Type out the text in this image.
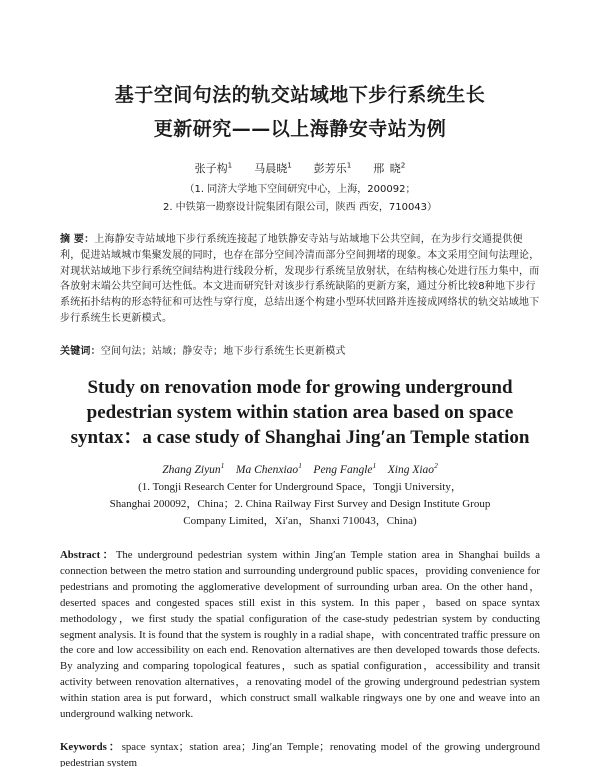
基于空间句法的轨交站域地下步行系统生长
更新研究——以上海静安寺站为例
张子构$^1$ 马晨晓$^1$ 彭芳乐$^1$ 邢 晓$^2$
（1. 同济大学地下空间研究中心，上海，200092；
2. 中铁第一勘察设计院集团有限公司，陕西 西安，710043）
摘 要：上海静安寺站域地下步行系统连接起了地铁静安寺站与站域地下公共空间，在为步行交通提供便利，促进站域城市集聚发展的同时，也存在部分空间冷清而部分空间拥堵的现象。本文采用空间句法理论，对现状站域地下步行系统空间结构进行线段分析，发现步行系统呈放射状，在结构核心处进行压力集中，而各放射末端公共空间可达性低。本文进而研究针对该步行系统缺陷的更新方案，通过分析比较8种地下步行系统拓扑结构的形态特征和可达性与穿行度，总结出逐个构建小型环状回路并连接成网络状的轨交站域地下步行系统生长更新模式。
关键词：空间句法；站域；静安寺；地下步行系统生长更新模式
Study on renovation mode for growing underground
pedestrian system within station area based on space
syntax：a case study of Shanghai Jing′an Temple station
Zhang Ziyun$^1$ Ma Chenxiao$^1$ Peng Fangle$^1$ Xing Xiao$^2$
(1. Tongji Research Center for Underground Space，Tongji University，
Shanghai 200092，China；2. China Railway First Survey and Design Institute Group
Company Limited，Xi′an，Shanxi 710043，China)
Abstract：The underground pedestrian system within Jing′an Temple station area in Shanghai builds a connection between the metro station and surrounding underground public spaces，providing convenience for pedestrians and promoting the agglomerative development of surrounding urban area. On the other hand，deserted spaces and congested spaces still exist in this system. In this paper，based on space syntax methodology，we first study the spatial configuration of the case-study pedestrian system by conducting segment analysis. It is found that the system is roughly in a radial shape，with concentrated traffic pressure on the core and low accessibility on each end. Renovation alternatives are then developed towards those defects. By analyzing and comparing topological features，such as spatial configuration，accessibility and transit activity between renovation alternatives，a renovating model of the growing underground pedestrian system within station area is put forward，which construct small walkable ringways one by one and weave into an underground walking network.
Keywords：space syntax；station area；Jing′an Temple；renovating model of the growing underground pedestrian system
